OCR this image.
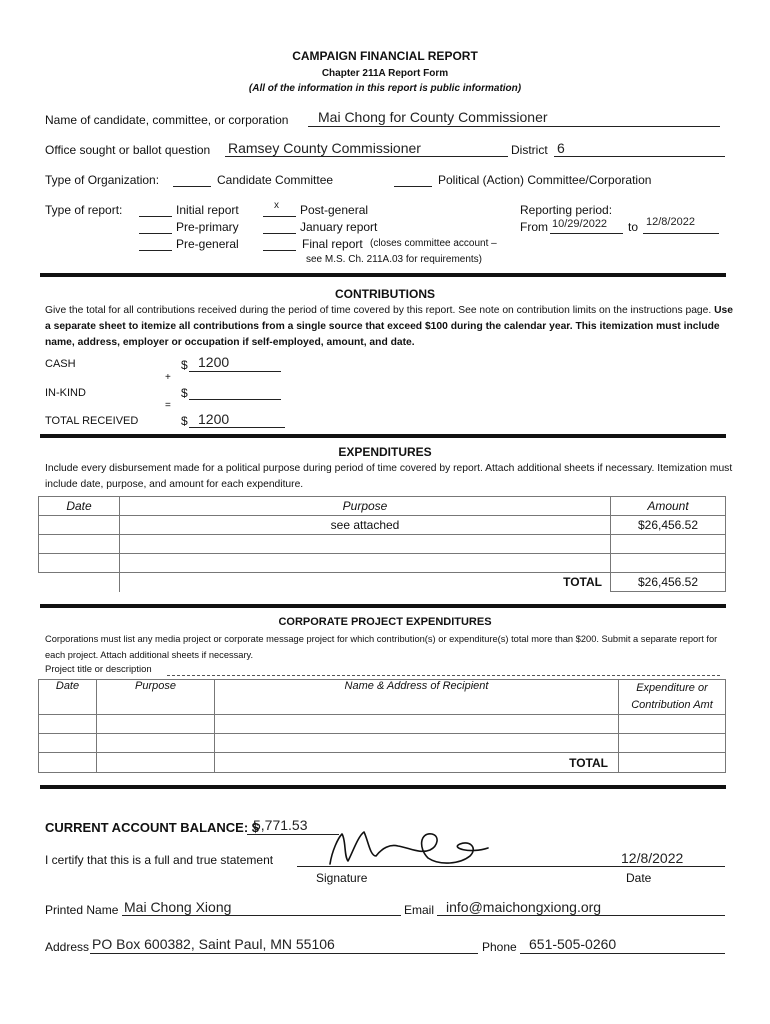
CAMPAIGN FINANCIAL REPORT
Chapter 211A Report Form
(All of the information in this report is public information)
Name of candidate, committee, or corporation Mai Chong for County Commissioner
Office sought or ballot question Ramsey County Commissioner	District 6
Type of Organization:	Candidate Committee	Political (Action) Committee/Corporation
Type of report:	Initial report
Pre-primary
Pre-general
x Post-general
January report
Final report (closes committee account –
see M.S. Ch. 211A.03 for requirements)
Reporting period:
From 10/29/2022 to 12/8/2022
CONTRIBUTIONS
Give the total for all contributions received during the period of time covered by this report. See note on contribution limits on the instructions page. Use a separate sheet to itemize all contributions from a single source that exceed $100 during the calendar year. This itemization must include name, address, employer or occupation if self-employed, amount, and date.
CASH	$ 1200
+
IN-KIND	$
=
TOTAL RECEIVED	$ 1200
EXPENDITURES
Include every disbursement made for a political purpose during period of time covered by report. Attach additional sheets if necessary. Itemization must include date, purpose, and amount for each expenditure.
Date	Purpose	Amount
	see attached	$26,456.52

	TOTAL	$26,456.52
CORPORATE PROJECT EXPENDITURES
Corporations must list any media project or corporate message project for which contribution(s) or expenditure(s) total more than $200. Submit a separate report for each project. Attach additional sheets if necessary.
Project title or description
Date	Purpose	Name & Address of Recipient	Expenditure or
Contribution Amt

		TOTAL	
CURRENT ACCOUNT BALANCE: $
5,771.53
I certify that this is a full and true statement	12/8/2022
Signature	Date
Printed Name Mai Chong Xiong	Email info@maichongxiong.org
Address PO Box 600382, Saint Paul, MN 55106	Phone 651-505-0260
